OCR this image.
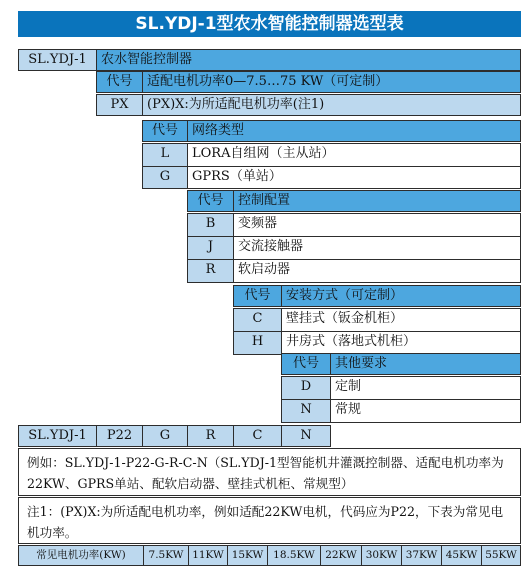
SL.YDJ-1型农水智能控制器选型表
SL.YDJ-1	农水智能控制器
代号	适配电机功率0—7.5…75 KW（可定制）
PX	(PX)X:为所适配电机功率(注1)
代号	网络类型
L	LORA自组网（主从站）
G	GPRS（单站）
代号	控制配置
B	变频器
J	交流接触器
R	软启动器
代号	安装方式（可定制）
C	壁挂式（钣金机柜）
H	井房式（落地式机柜）
代号	其他要求
D	定制
N	常规
SL.YDJ-1	P22	G	R	C	N
例如：SL.YDJ-1-P22-G-R-C-N（SL.YDJ-1型智能机井灌溉控制器、适配电机功率为22KW、GPRS单站、配软启动器、壁挂式机柜、常规型）
注1：(PX)X:为所适配电机功率，例如适配22KW电机，代码应为P22，下表为常见电机功率。
常见电机功率(KW)	7.5KW 11KW 15KW 18.5KW 22KW 30KW 37KW 45KW 55KW
